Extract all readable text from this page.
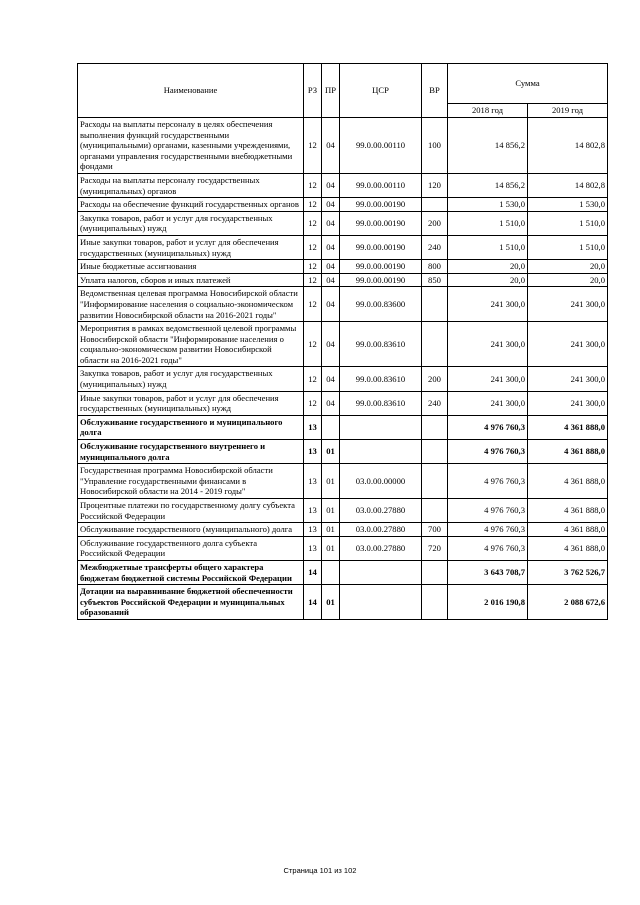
Наименование	РЗ	ПР	ЦСР	ВР	Сумма	
					2018 год	2019 год
Расходы на выплаты персоналу в целях обеспечения выполнения функций государственными (муниципальными) органами, казенными учреждениями, органами управления государственными внебюджетными фондами	12	04	99.0.00.00110	100	14 856,2	14 802,8
Расходы на выплаты персоналу государственных (муниципальных) органов	12	04	99.0.00.00110	120	14 856,2	14 802,8
Расходы на обеспечение функций государственных органов	12	04	99.0.00.00190		1 530,0	1 530,0
Закупка товаров, работ и услуг для государственных (муниципальных) нужд	12	04	99.0.00.00190	200	1 510,0	1 510,0
Иные закупки товаров, работ и услуг для обеспечения государственных (муниципальных) нужд	12	04	99.0.00.00190	240	1 510,0	1 510,0
Иные бюджетные ассигнования	12	04	99.0.00.00190	800	20,0	20,0
Уплата налогов, сборов и иных платежей	12	04	99.0.00.00190	850	20,0	20,0
Ведомственная целевая программа Новосибирской области "Информирование населения о социально-экономическом развитии Новосибирской области на 2016-2021 годы"	12	04	99.0.00.83600		241 300,0	241 300,0
Мероприятия в рамках ведомственной целевой программы Новосибирской области "Информирование населения о социально-экономическом развитии Новосибирской области на 2016-2021 годы"	12	04	99.0.00.83610		241 300,0	241 300,0
Закупка товаров, работ и услуг для государственных (муниципальных) нужд	12	04	99.0.00.83610	200	241 300,0	241 300,0
Иные закупки товаров, работ и услуг для обеспечения государственных (муниципальных) нужд	12	04	99.0.00.83610	240	241 300,0	241 300,0
Обслуживание государственного и муниципального долга	13				4 976 760,3	4 361 888,0
Обслуживание государственного внутреннего и муниципального долга	13	01			4 976 760,3	4 361 888,0
Государственная программа Новосибирской области "Управление государственными финансами в Новосибирской области на 2014 - 2019 годы"	13	01	03.0.00.00000		4 976 760,3	4 361 888,0
Процентные платежи по государственному долгу субъекта Российской Федерации	13	01	03.0.00.27880		4 976 760,3	4 361 888,0
Обслуживание государственного (муниципального) долга	13	01	03.0.00.27880	700	4 976 760,3	4 361 888,0
Обслуживание государственного долга субъекта Российской Федерации	13	01	03.0.00.27880	720	4 976 760,3	4 361 888,0
Межбюджетные трансферты общего характера бюджетам бюджетной системы Российской Федерации	14				3 643 708,7	3 762 526,7
Дотации на выравнивание бюджетной обеспеченности субъектов Российской Федерации и муниципальных образований	14	01			2 016 190,8	2 088 672,6
Страница 101 из 102
